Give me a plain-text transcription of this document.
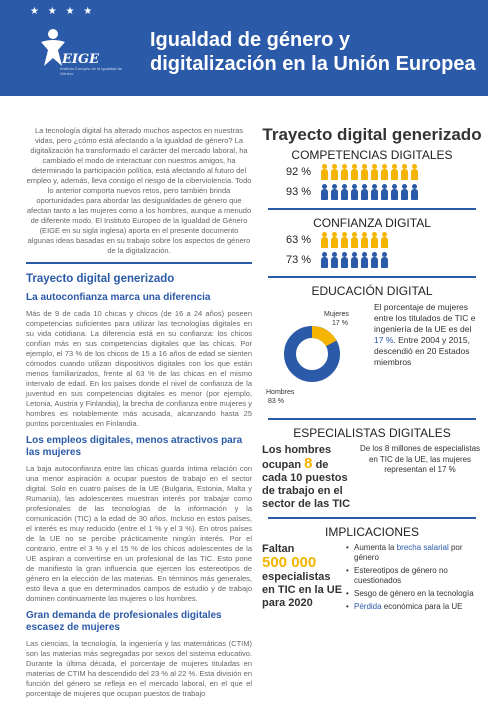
★ ★ ★ ★
EIGE
Instituto Europeo de la Igualdad de Género
Igualdad de género y digitalización en la Unión Europea

La tecnología digital ha alterado muchos aspectos en nuestras vidas, pero ¿cómo está afectando a la igualdad de género? La digitalización ha transformado el carácter del mercado laboral, ha cambiado el modo de interactuar con nuestros amigos, ha determinado la participación política, está afectando al futuro del empleo y, además, lleva consigo el riesgo de la ciberviolencia. Todo lo anterior comporta nuevos retos, pero también brinda oportunidades para abordar las desigualdades de género que afectan tanto a las mujeres como a los hombres, aunque a menudo de diferente modo. El Instituto Europeo de la Igualdad de Género (EIGE en su sigla inglesa) aporta en el presente documento algunas ideas basadas en su trabajo sobre los aspectos de género de la digitalización.

Trayecto digital generizado
La autoconfianza marca una diferencia

Más de 9 de cada 10 chicas y chicos (de 16 a 24 años) poseen competencias suficientes para utilizar las tecnologías digitales en su vida cotidiana. La diferencia está en su confianza: los chicos confían más en sus competencias digitales que las chicas. Por ejemplo, el 73 % de los chicos de 15 a 16 años de edad se sienten cómodos cuando utilizan dispositivos digitales con los que están menos familiarizados, frente al 63 % de las chicas en el mismo intervalo de edad. En los países donde el nivel de confianza de la juventud en sus competencias digitales es menor (por ejemplo, Letonia, Austria y Finlandia), la brecha de confianza entre mujeres y hombres es notablemente más acusada, alcanzando hasta 25 puntos porcentuales en Finlandia.

Los empleos digitales, menos atractivos para las mujeres

La baja autoconfianza entre las chicas guarda íntima relación con una menor aspiración a ocupar puestos de trabajo en el sector digital. Solo en cuatro países de la UE (Bulgaria, Estonia, Malta y Rumanía), las adolescentes muestran interés por trabajar como profesionales de las tecnologías de la información y la comunicación (TIC) a la edad de 30 años. Incluso en estos países, el interés es muy reducido (entre el 1 % y el 3 %). En otros países de la UE no se percibe prácticamente ningún interés. Por el contrario, entre el 3 % y el 15 % de los chicos adolescentes de la UE aspiran a convertirse en un profesional de las TIC. Esto pone de manifiesto la gran influencia que ejercen los estereotipos de género en la elección de las materias. En términos más generales, esto lleva a que en determinados campos de estudio y de trabajo dominen continuamente las mujeres o los hombres.

Gran demanda de profesionales digitales escasez de mujeres

Las ciencias, la tecnología, la ingeniería y las matemáticas (CTIM) son las materias más segregadas por sexos del sistema educativo. Durante la última década, el porcentaje de mujeres tituladas en materias de CTIM ha descendido del 23 % al 22 %. Esta división en función del género se refleja en el mercado laboral, en el que el porcentaje de mujeres que ocupan puestos de trabajo

Trayecto digital generizado
COMPETENCIAS DIGITALES
92 %
93 %
CONFIANZA DIGITAL
63 %
73 %
EDUCACIÓN DIGITAL
Mujeres
17 %
Hombres
83 %
El porcentaje de mujeres entre los titulados de TIC e ingeniería de la UE es del 17 %. Entre 2004 y 2015, descendió en 20 Estados miembros
ESPECIALISTAS DIGITALES
Los hombres ocupan 8 de cada 10 puestos de trabajo en el sector de las TIC
De los 8 millones de especialistas en TIC de la UE, las mujeres representan el 17 %
IMPLICACIONES
Faltan
500 000
especialistas en TIC en la UE para 2020
• Aumenta la brecha salarial por género
• Estereotipos de género no cuestionados
• Sesgo de género en la tecnología
• Pérdida económica para la UE
